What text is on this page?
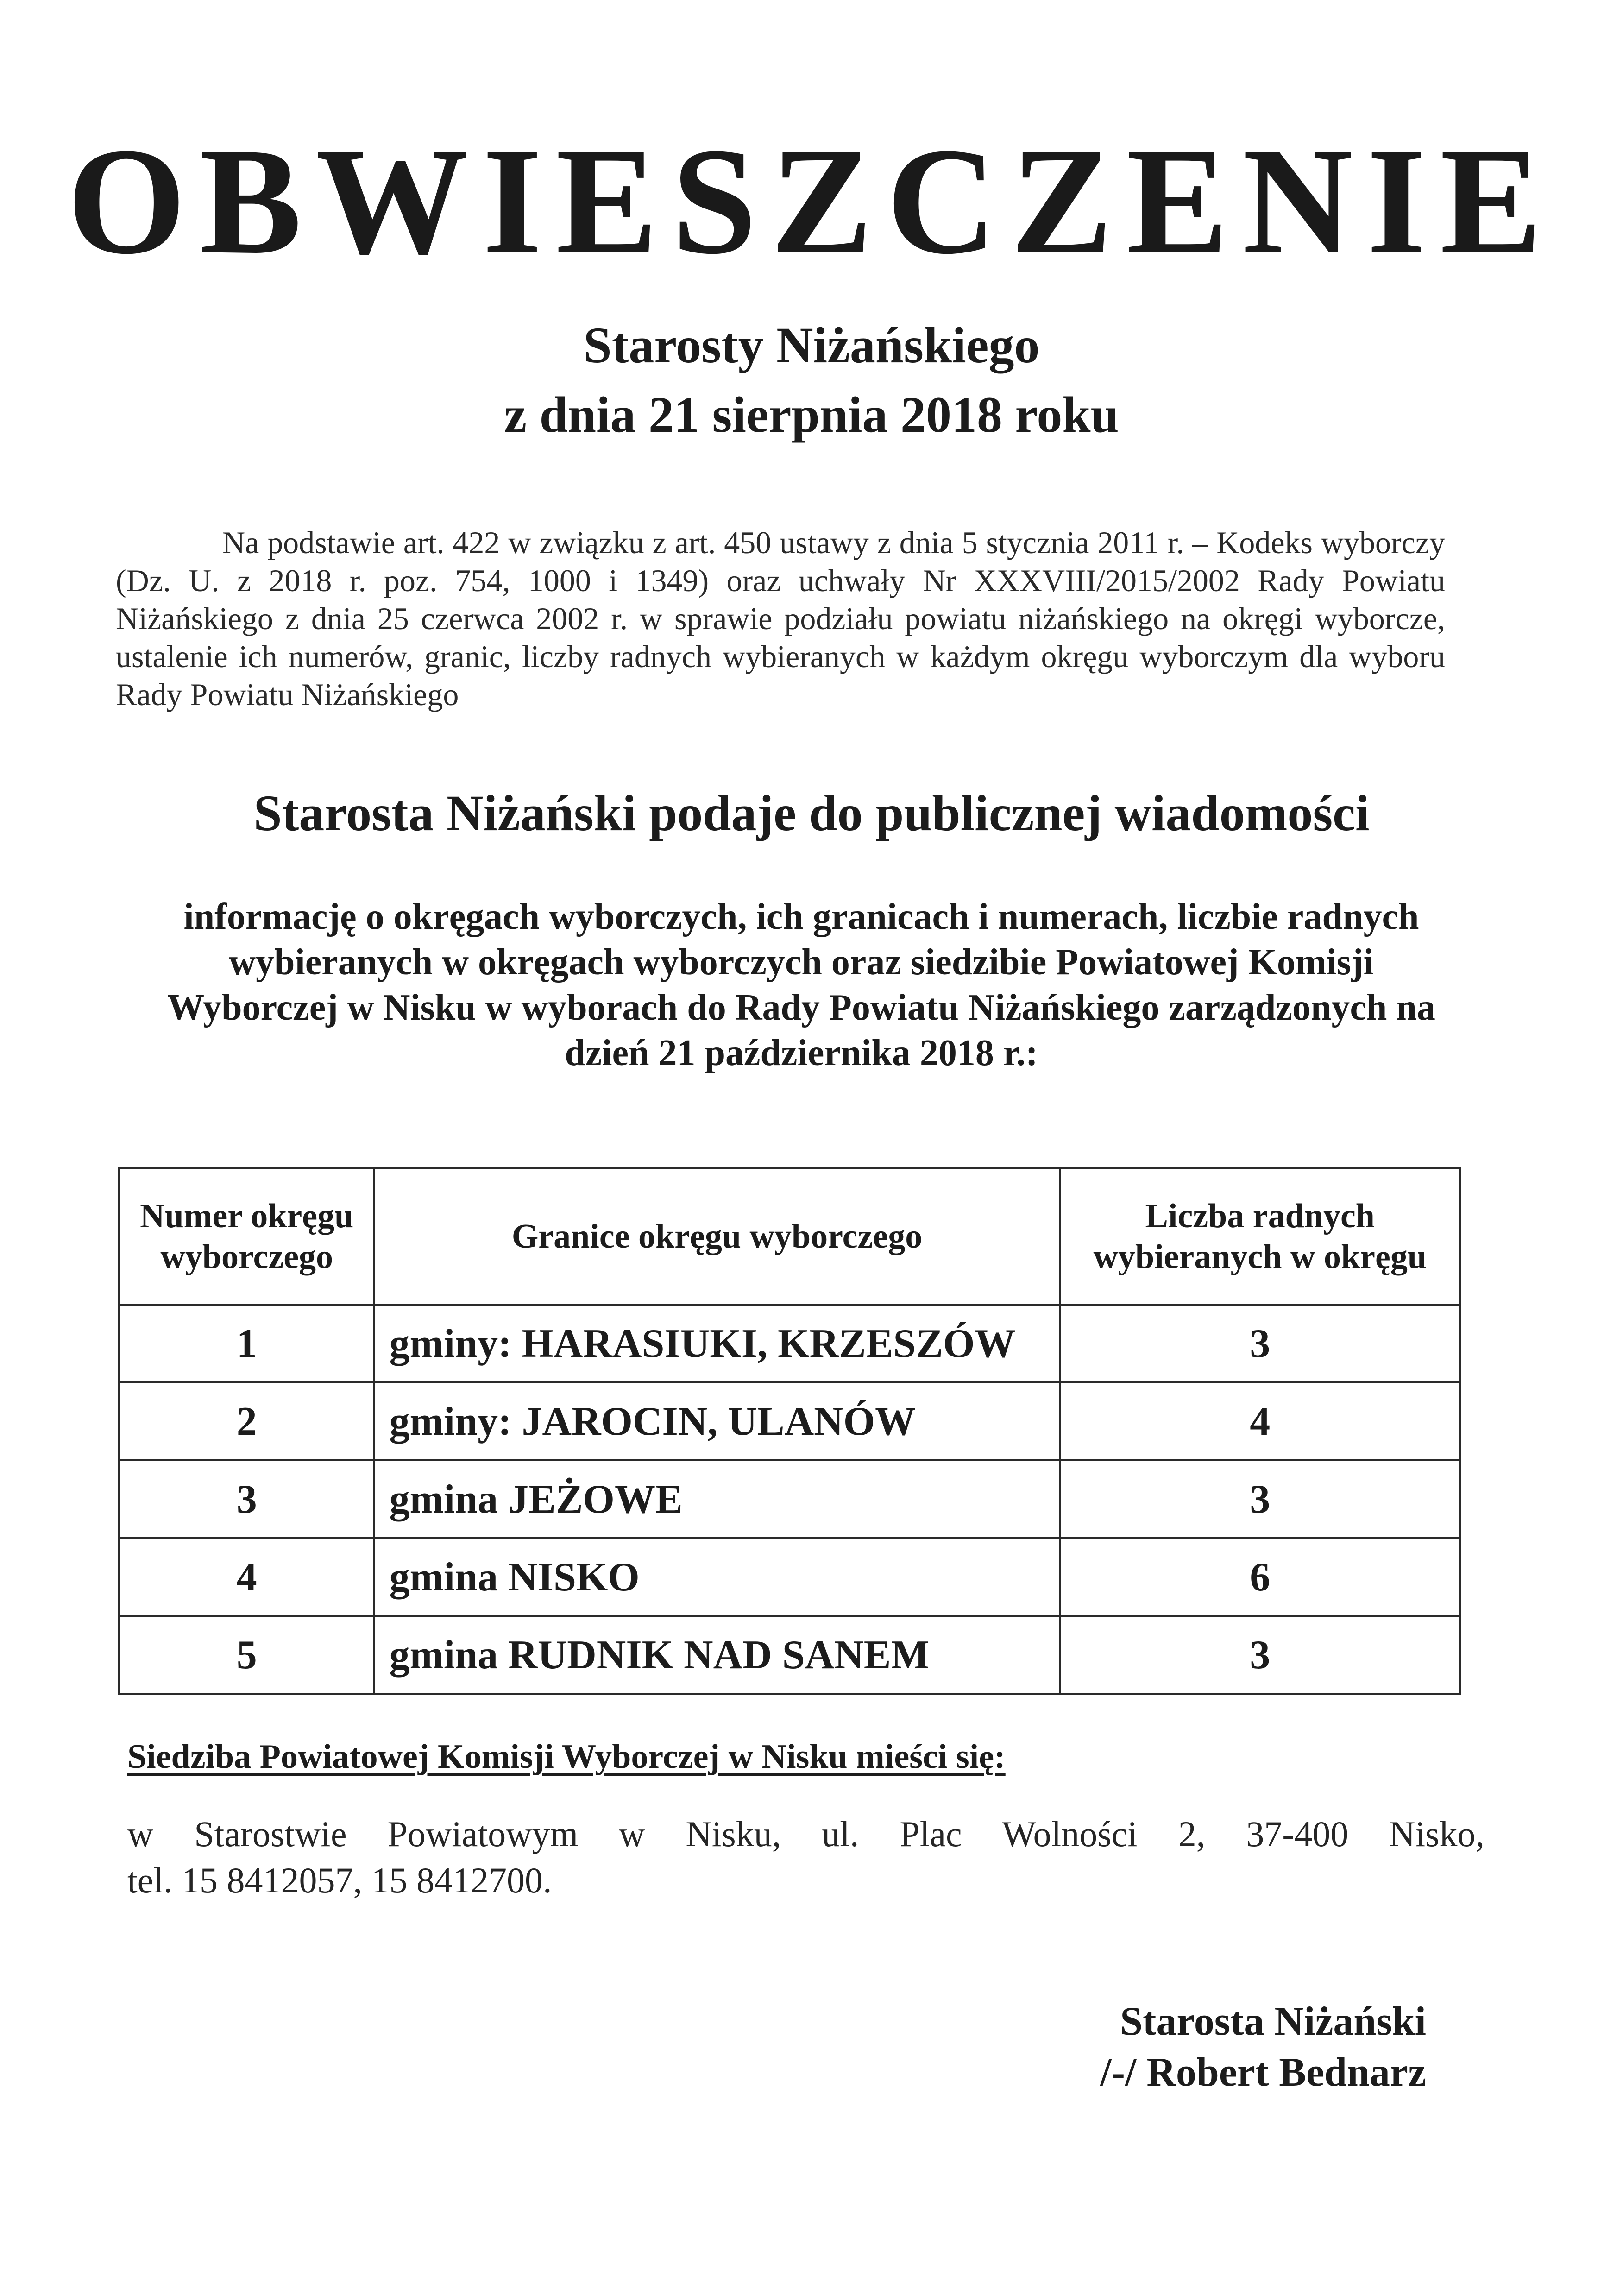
OBWIESZCZENIE
Starosty Niżańskiego
z dnia 21 sierpnia 2018 roku
Na podstawie art. 422 w związku z art. 450 ustawy z dnia 5 stycznia 2011 r. – Kodeks wyborczy (Dz. U. z 2018 r. poz. 754, 1000 i 1349) oraz uchwały Nr XXXVIII/2015/2002 Rady Powiatu Niżańskiego z dnia 25 czerwca 2002 r. w sprawie podziału powiatu niżańskiego na okręgi wyborcze, ustalenie ich numerów, granic, liczby radnych wybieranych w każdym okręgu wyborczym dla wyboru Rady Powiatu Niżańskiego
Starosta Niżański podaje do publicznej wiadomości
informację o okręgach wyborczych, ich granicach i numerach, liczbie radnych wybieranych w okręgach wyborczych oraz siedzibie Powiatowej Komisji Wyborczej w Nisku w wyborach do Rady Powiatu Niżańskiego zarządzonych na dzień 21 października 2018 r.:
Numer okręgu wyborczego	Granice okręgu wyborczego	Liczba radnych wybieranych w okręgu
1	gminy: HARASIUKI, KRZESZÓW	3
2	gminy: JAROCIN, ULANÓW	4
3	gmina JEŻOWE	3
4	gmina NISKO	6
5	gmina RUDNIK NAD SANEM	3
Siedziba Powiatowej Komisji Wyborczej w Nisku mieści się:
w Starostwie Powiatowym w Nisku, ul. Plac Wolności 2, 37-400 Nisko,
tel. 15 8412057, 15 8412700.
Starosta Niżański
/-/ Robert Bednarz
